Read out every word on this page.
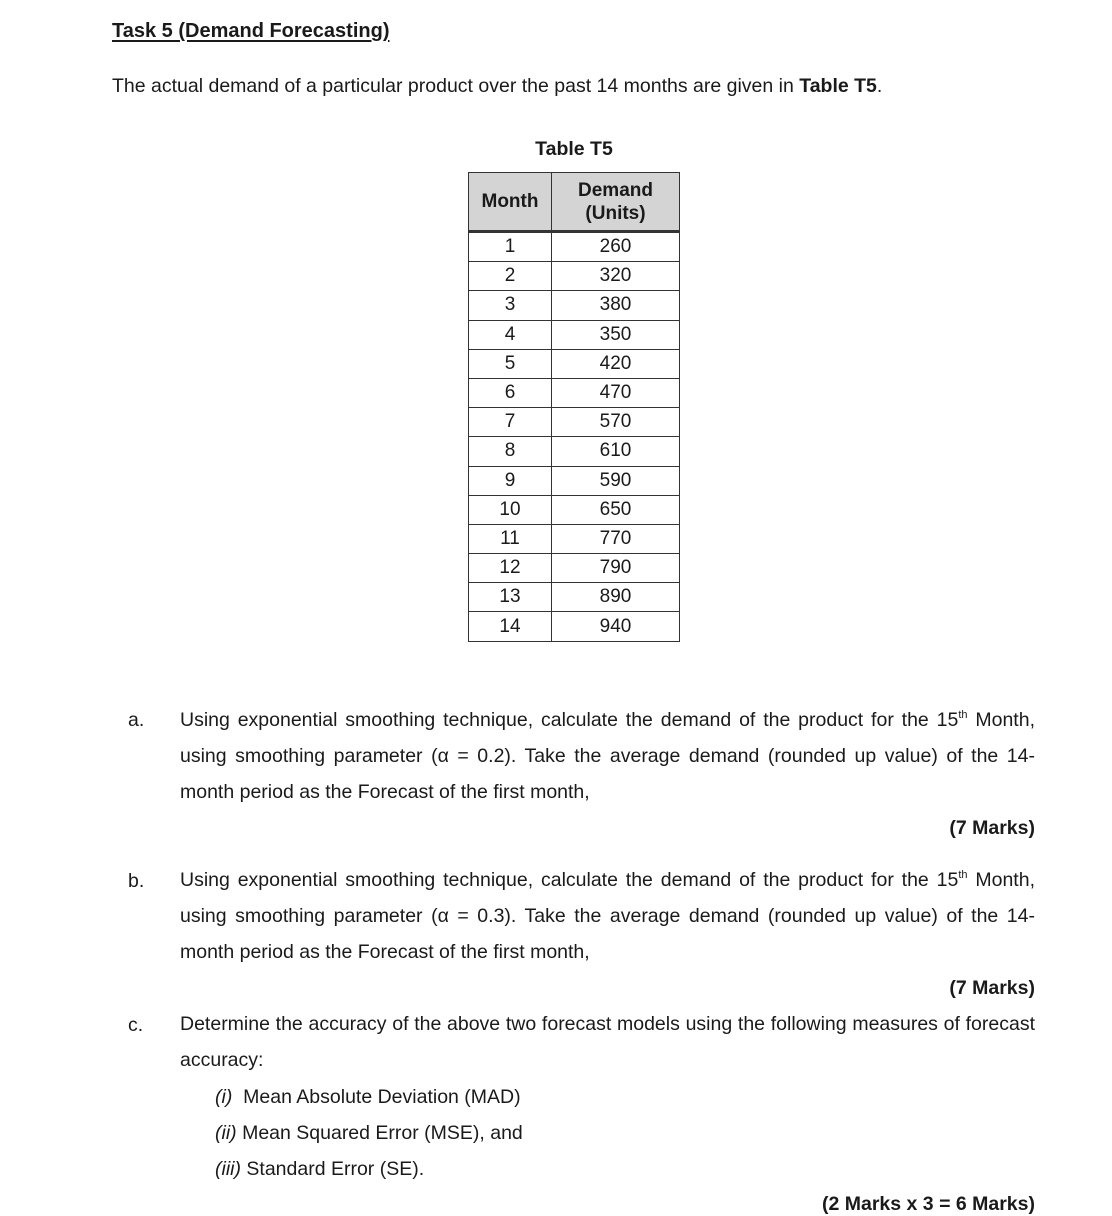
Task 5 (Demand Forecasting)
The actual demand of a particular product over the past 14 months are given in Table T5.
Table T5
Month	Demand (Units)
1	260
2	320
3	380
4	350
5	420
6	470
7	570
8	610
9	590
10	650
11	770
12	790
13	890
14	940
a. Using exponential smoothing technique, calculate the demand of the product for the 15th Month, using smoothing parameter (α = 0.2). Take the average demand (rounded up value) of the 14-month period as the Forecast of the first month,
(7 Marks)
b. Using exponential smoothing technique, calculate the demand of the product for the 15th Month, using smoothing parameter (α = 0.3). Take the average demand (rounded up value) of the 14-month period as the Forecast of the first month,
(7 Marks)
c. Determine the accuracy of the above two forecast models using the following measures of forecast accuracy:
(i) Mean Absolute Deviation (MAD)
(ii) Mean Squared Error (MSE), and
(iii) Standard Error (SE).
(2 Marks x 3 = 6 Marks)
